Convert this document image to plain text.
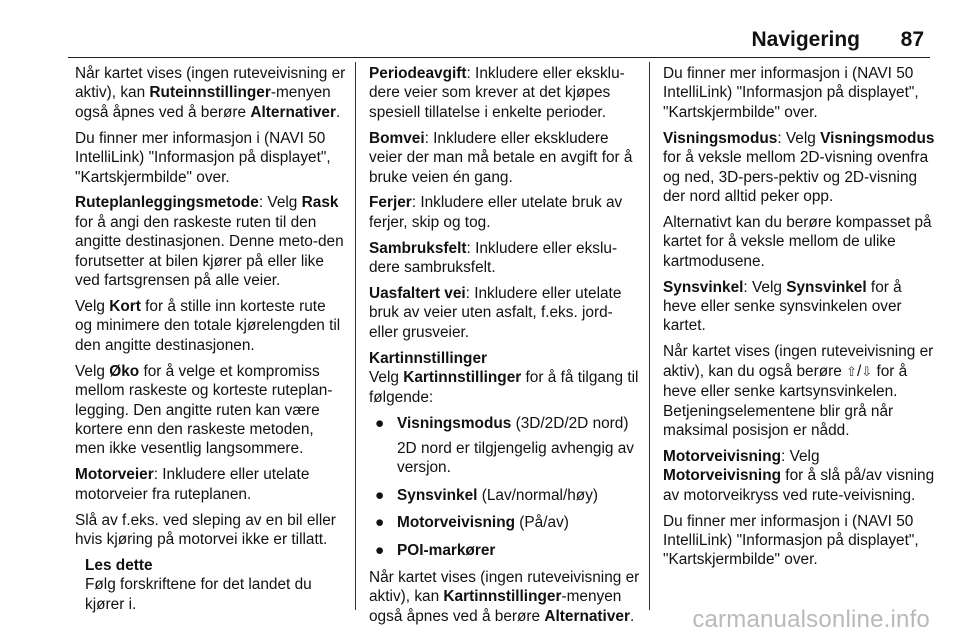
Navigering 87

Når kartet vises (ingen ruteveivisning er aktiv), kan Ruteinnstillinger-menyen også åpnes ved å berøre Alternativer.

Du finner mer informasjon i (NAVI 50 IntelliLink) "Informasjon på displayet", "Kartskjermbilde" over.

Ruteplanleggingsmetode: Velg Rask for å angi den raskeste ruten til den angitte destinasjonen. Denne meto-den forutsetter at bilen kjører på eller like ved fartsgrensen på alle veier.

Velg Kort for å stille inn korteste rute og minimere den totale kjørelengden til den angitte destinasjonen.

Velg Øko for å velge et kompromiss mellom raskeste og korteste ruteplan-legging. Den angitte ruten kan være kortere enn den raskeste metoden, men ikke vesentlig langsommere.

Motorveier: Inkludere eller utelate motorveier fra ruteplanen.

Slå av f.eks. ved sleping av en bil eller hvis kjøring på motorvei ikke er tillatt.

Les dette

Følg forskriftene for det landet du kjører i.

Periodeavgift: Inkludere eller eksklu-dere veier som krever at det kjøpes spesiell tillatelse i enkelte perioder.

Bomvei: Inkludere eller ekskludere veier der man må betale en avgift for å bruke veien én gang.

Ferjer: Inkludere eller utelate bruk av ferjer, skip og tog.

Sambruksfelt: Inkludere eller ekslu-dere sambruksfelt.

Uasfaltert vei: Inkludere eller utelate bruk av veier uten asfalt, f.eks. jord-eller grusveier.

Kartinnstillinger

Velg Kartinnstillinger for å få tilgang til følgende:

● Visningsmodus (3D/2D/2D nord)
2D nord er tilgjengelig avhengig av versjon.
● Synsvinkel (Lav/normal/høy)
● Motorveivisning (På/av)
● POI-markører

Når kartet vises (ingen ruteveivisning er aktiv), kan Kartinnstillinger-menyen også åpnes ved å berøre Alternativer.

Du finner mer informasjon i (NAVI 50 IntelliLink) "Informasjon på displayet", "Kartskjermbilde" over.

Visningsmodus: Velg Visningsmodus for å veksle mellom 2D-visning ovenfra og ned, 3D-pers-pektiv og 2D-visning der nord alltid peker opp.

Alternativt kan du berøre kompasset på kartet for å veksle mellom de ulike kartmodusene.

Synsvinkel: Velg Synsvinkel for å heve eller senke synsvinkelen over kartet.

Når kartet vises (ingen ruteveivisning er aktiv), kan du også berøre ⇧/⇩ for å heve eller senke kartsynsvinkelen. Betjeningselementene blir grå når maksimal posisjon er nådd.

Motorveivisning: Velg Motorveivisning for å slå på/av visning av motorveikryss ved rute-veivisning.

Du finner mer informasjon i (NAVI 50 IntelliLink) "Informasjon på displayet", "Kartskjermbilde" over.

carmanualsonline.info
